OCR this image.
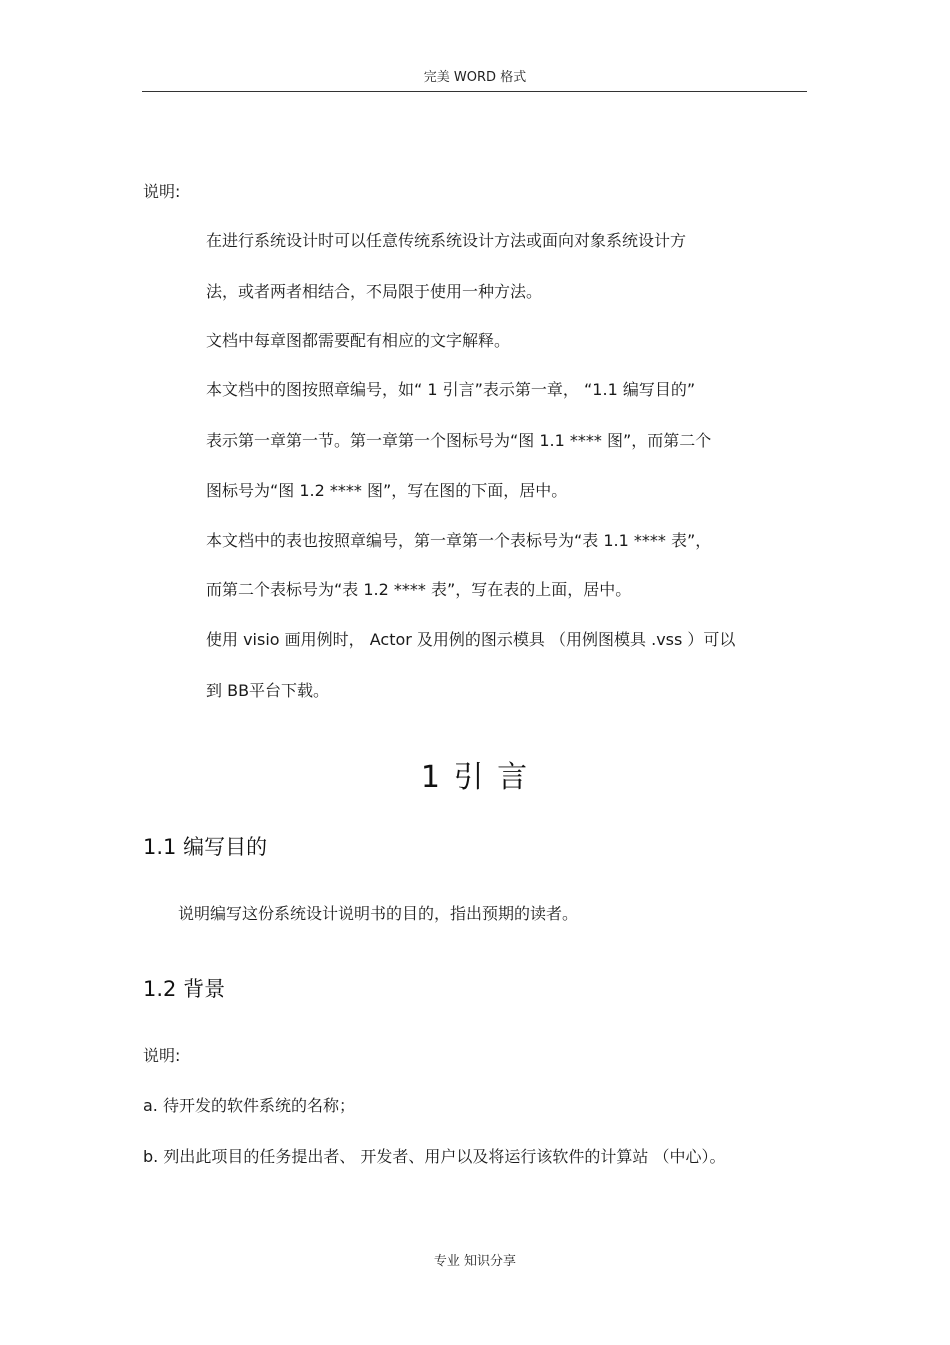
完美 WORD 格式
说明:
在进行系统设计时可以任意传统系统设计方法或面向对象系统设计方
法，或者两者相结合，不局限于使用一种方法。
文档中每章图都需要配有相应的文字解释。
本文档中的图按照章编号，如“ 1 引言”表示第一章， “1.1 编写目的”
表示第一章第一节。第一章第一个图标号为“图 1.1 **** 图”，而第二个
图标号为“图 1.2 **** 图”，写在图的下面，居中。
本文档中的表也按照章编号，第一章第一个表标号为“表 1.1 **** 表”，
而第二个表标号为“表 1.2 **** 表”，写在表的上面，居中。
使用 visio 画用例时， Actor 及用例的图示模具 （用例图模具 .vss ）可以
到 BB平台下载。
1 引 言
1.1 编写目的
说明编写这份系统设计说明书的目的，指出预期的读者。
1.2 背景
说明:
a. 待开发的软件系统的名称；
b. 列出此项目的任务提出者、 开发者、用户以及将运行该软件的计算站 （中心）。
专业 知识分享
